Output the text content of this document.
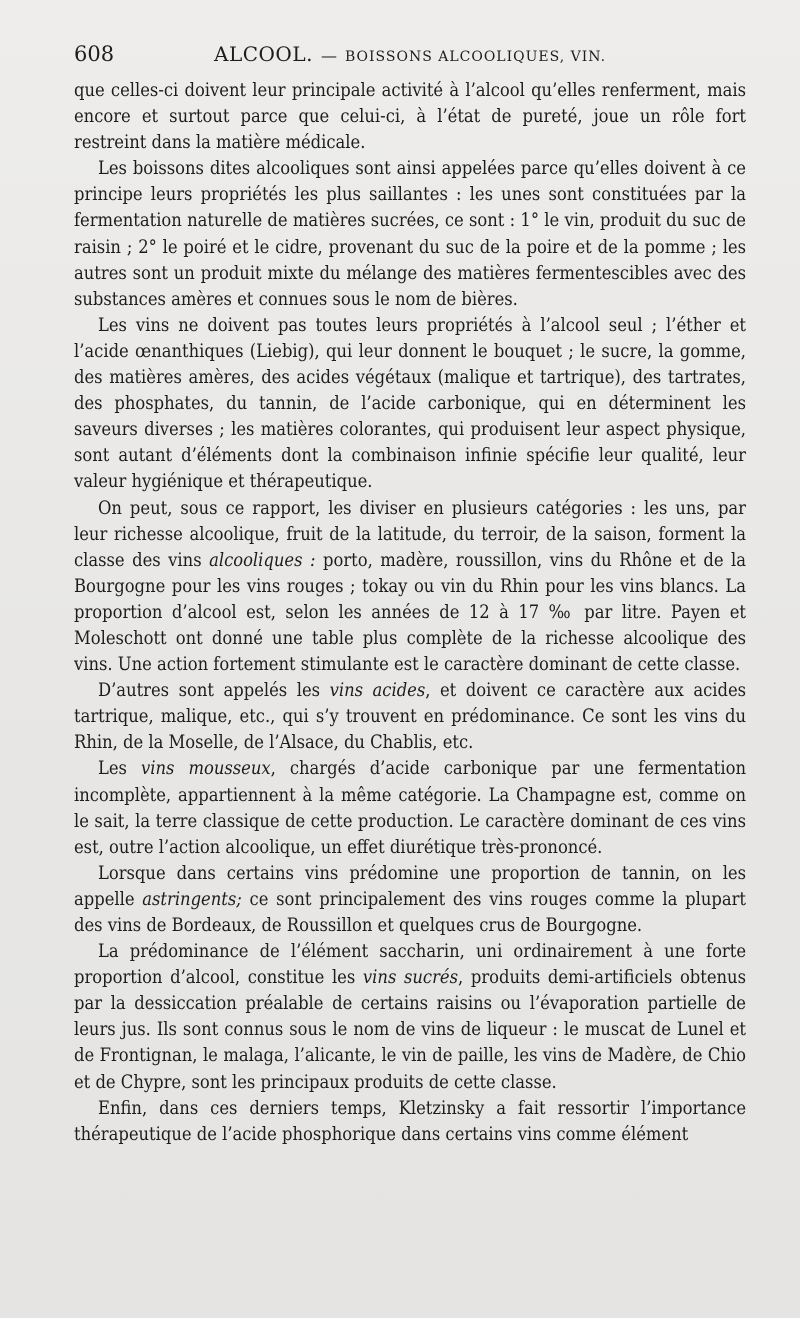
608	ALCOOL. — BOISSONS ALCOOLIQUES, VIN.

que celles-ci doivent leur principale activité à l’alcool qu’elles renferment, mais encore et surtout parce que celui-ci, à l’état de pureté, joue un rôle fort restreint dans la matière médicale.

Les boissons dites alcooliques sont ainsi appelées parce qu’elles doivent à ce principe leurs propriétés les plus saillantes : les unes sont constituées par la fermentation naturelle de matières sucrées, ce sont : 1° le vin, produit du suc de raisin ; 2° le poiré et le cidre, provenant du suc de la poire et de la pomme ; les autres sont un produit mixte du mélange des matières fermentescibles avec des substances amères et connues sous le nom de bières.

Les vins ne doivent pas toutes leurs propriétés à l’alcool seul ; l’éther et l’acide œnanthiques (Liebig), qui leur donnent le bouquet ; le sucre, la gomme, des matières amères, des acides végétaux (malique et tartrique), des tartrates, des phosphates, du tannin, de l’acide carbonique, qui en déterminent les saveurs diverses ; les matières colorantes, qui produisent leur aspect physique, sont autant d’éléments dont la combinaison infinie spécifie leur qualité, leur valeur hygiénique et thérapeutique.

On peut, sous ce rapport, les diviser en plusieurs catégories : les uns, par leur richesse alcoolique, fruit de la latitude, du terroir, de la saison, forment la classe des vins alcooliques : porto, madère, roussillon, vins du Rhône et de la Bourgogne pour les vins rouges ; tokay ou vin du Rhin pour les vins blancs. La proportion d’alcool est, selon les années de 12 à 17 ‰ par litre. Payen et Moleschott ont donné une table plus complète de la richesse alcoolique des vins. Une action fortement stimulante est le caractère dominant de cette classe.

D’autres sont appelés les vins acides, et doivent ce caractère aux acides tartrique, malique, etc., qui s’y trouvent en prédominance. Ce sont les vins du Rhin, de la Moselle, de l’Alsace, du Chablis, etc.

Les vins mousseux, chargés d’acide carbonique par une fermentation incomplète, appartiennent à la même catégorie. La Champagne est, comme on le sait, la terre classique de cette production. Le caractère dominant de ces vins est, outre l’action alcoolique, un effet diurétique très-prononcé.

Lorsque dans certains vins prédomine une proportion de tannin, on les appelle astringents; ce sont principalement des vins rouges comme la plupart des vins de Bordeaux, de Roussillon et quelques crus de Bourgogne.

La prédominance de l’élément saccharin, uni ordinairement à une forte proportion d’alcool, constitue les vins sucrés, produits demi-artificiels obtenus par la dessiccation préalable de certains raisins ou l’évaporation partielle de leurs jus. Ils sont connus sous le nom de vins de liqueur : le muscat de Lunel et de Frontignan, le malaga, l’alicante, le vin de paille, les vins de Madère, de Chio et de Chypre, sont les principaux produits de cette classe.

Enfin, dans ces derniers temps, Kletzinsky a fait ressortir l’importance thérapeutique de l’acide phosphorique dans certains vins comme élément
